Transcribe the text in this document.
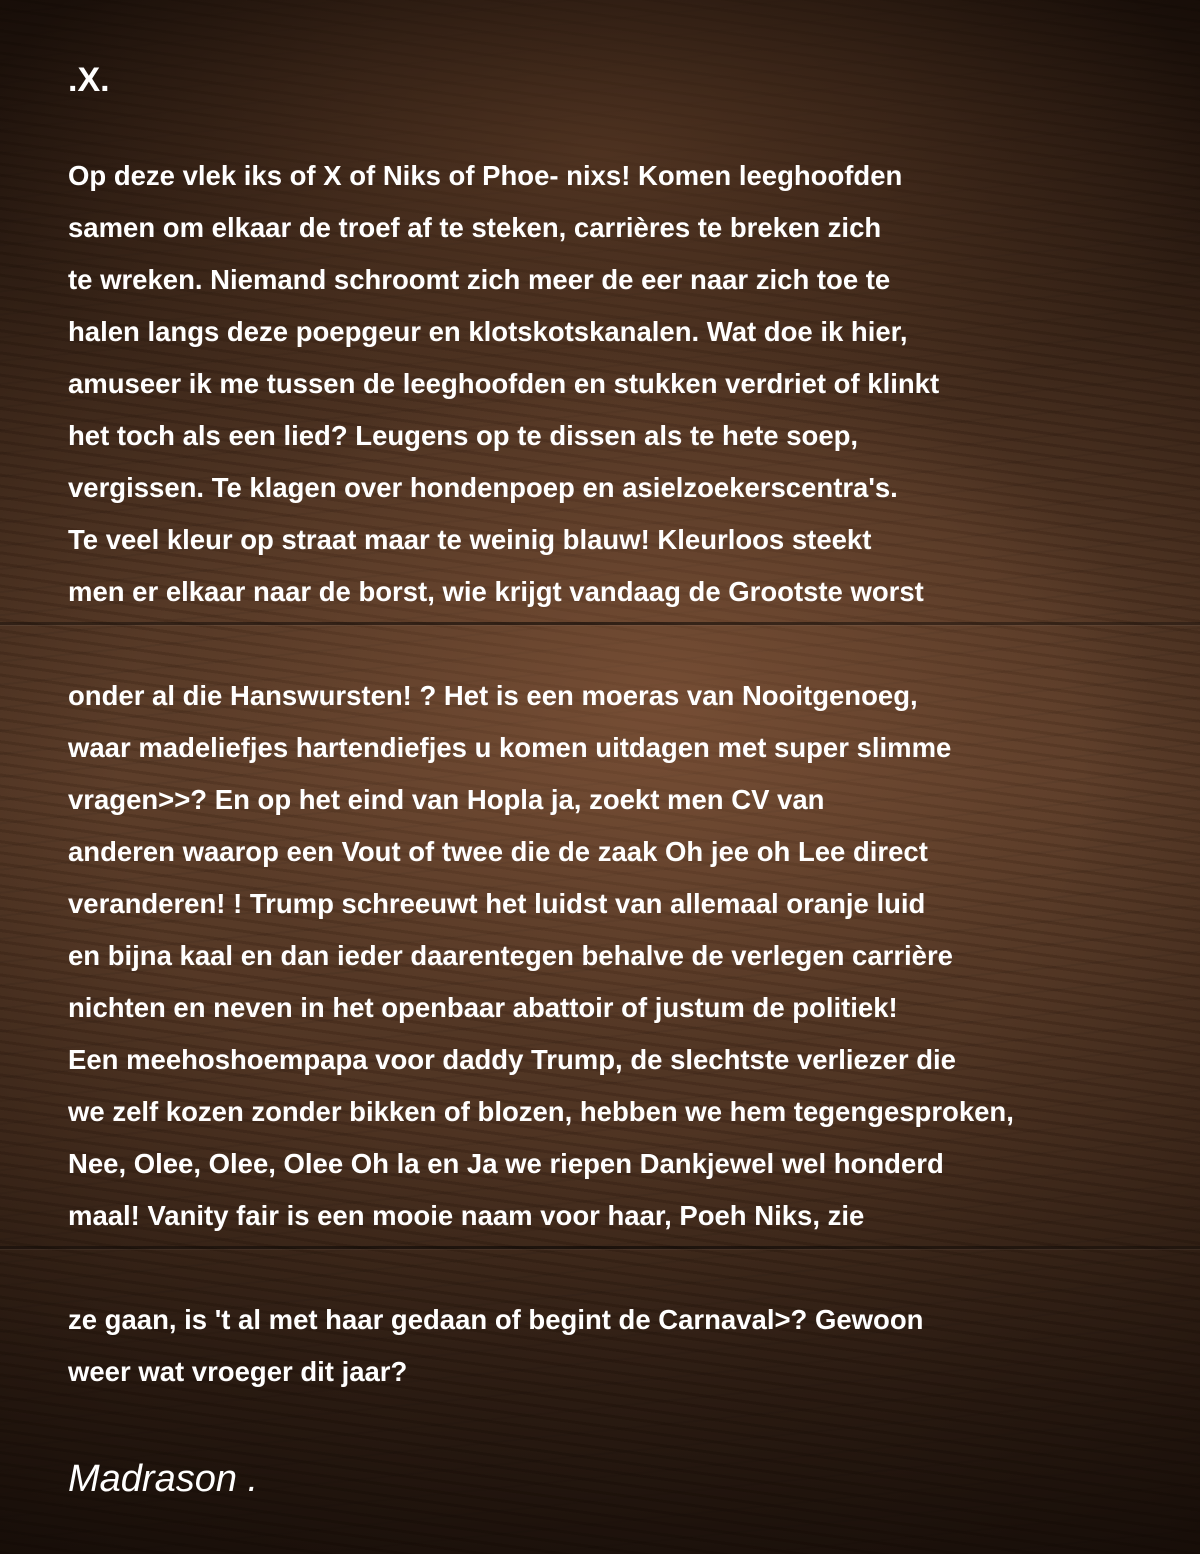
.X.
Op deze vlek iks of X of Niks of Phoe- nixs! Komen leeghoofden
samen om elkaar de troef af te steken, carrières te breken zich
te wreken. Niemand schroomt zich meer de eer naar zich toe te
halen langs deze poepgeur en klotskotskanalen. Wat doe ik hier,
amuseer ik me tussen de leeghoofden en stukken verdriet of klinkt
het toch als een lied? Leugens op te dissen als te hete soep,
vergissen. Te klagen over hondenpoep en asielzoekerscentra's.
Te veel kleur op straat maar te weinig blauw! Kleurloos steekt
men er elkaar naar de borst, wie krijgt vandaag de Grootste worst
onder al die Hanswursten! ? Het is een moeras van Nooitgenoeg,
waar madeliefjes hartendiefjes u komen uitdagen met super slimme
vragen>>? En op het eind van Hopla ja, zoekt men CV van
anderen waarop een Vout of twee die de zaak Oh jee oh Lee direct
veranderen! ! Trump schreeuwt het luidst van allemaal oranje luid
en bijna kaal en dan ieder daarentegen behalve de verlegen carrière
nichten en neven in het openbaar abattoir of justum de politiek!
Een meehoshoempapa voor daddy Trump, de slechtste verliezer die
we zelf kozen zonder bikken of blozen, hebben we hem tegengesproken,
Nee, Olee, Olee, Olee Oh la en Ja we riepen Dankjewel wel honderd
maal! Vanity fair is een mooie naam voor haar, Poeh Niks, zie
ze gaan, is 't al met haar gedaan of begint de Carnaval>? Gewoon
weer wat vroeger dit jaar?
Madrason .
